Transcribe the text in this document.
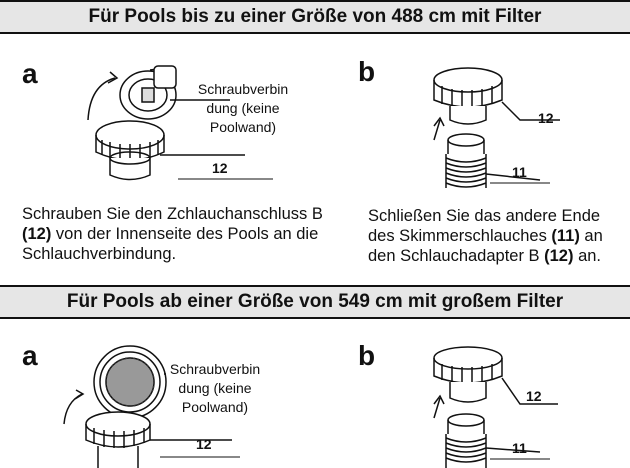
Für Pools bis zu einer Größe von 488 cm mit Filter
a	Schraubverbin
dung (keine
Poolwand)
12
Schrauben Sie den Zchlauchanschluss B (12) von der Innenseite des Pools an die Schlauchverbindung.
b
12
11
Schließen Sie das andere Ende des Skimmerschlauches (11) an den Schlauchadapter B (12) an.
Für Pools ab einer Größe von 549 cm mit großem Filter
a	Schraubverbin
dung (keine
Poolwand)
12
b
12
11
